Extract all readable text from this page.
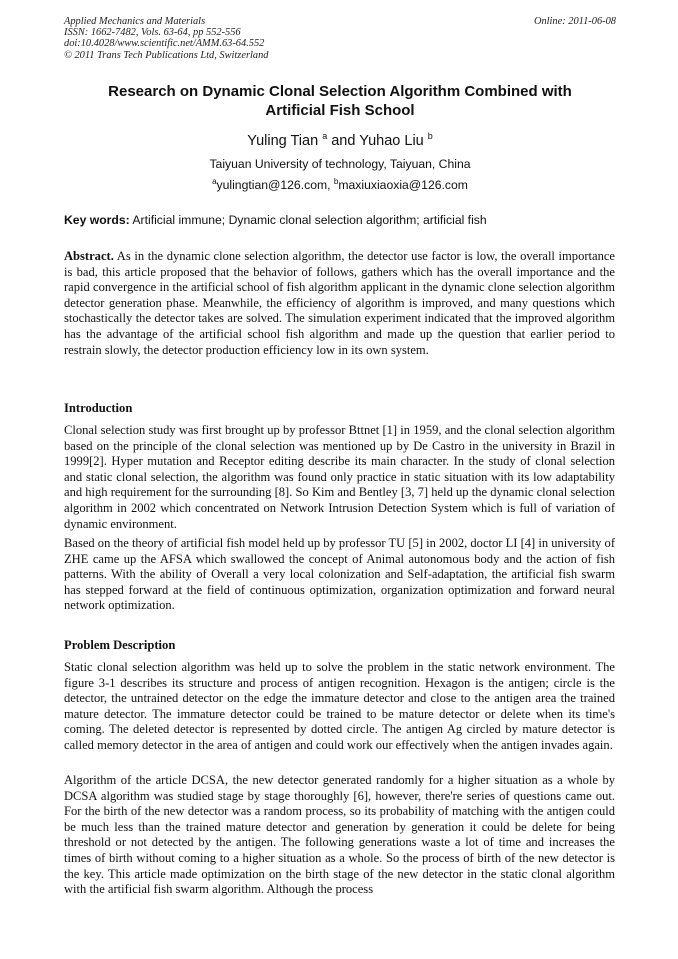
Applied Mechanics and Materials
ISSN: 1662-7482, Vols. 63-64, pp 552-556
doi:10.4028/www.scientific.net/AMM.63-64.552
© 2011 Trans Tech Publications Ltd, Switzerland
Online: 2011-06-08
Research on Dynamic Clonal Selection Algorithm Combined with
Artificial Fish School
Yuling Tian $^a$ and Yuhao Liu $^b$
Taiyuan University of technology, Taiyuan, China
$^a$yulingtian@126.com, $^b$maxiuxiaoxia@126.com
Key words: Artificial immune; Dynamic clonal selection algorithm; artificial fish
Abstract. As in the dynamic clone selection algorithm, the detector use factor is low, the overall importance is bad, this article proposed that the behavior of follows, gathers which has the overall importance and the rapid convergence in the artificial school of fish algorithm applicant in the dynamic clone selection algorithm detector generation phase. Meanwhile, the efficiency of algorithm is improved, and many questions which stochastically the detector takes are solved. The simulation experiment indicated that the improved algorithm has the advantage of the artificial school fish algorithm and made up the question that earlier period to restrain slowly, the detector production efficiency low in its own system.
Introduction
Clonal selection study was first brought up by professor Bttnet [1] in 1959, and the clonal selection algorithm based on the principle of the clonal selection was mentioned up by De Castro in the university in Brazil in 1999[2]. Hyper mutation and Receptor editing describe its main character. In the study of clonal selection and static clonal selection, the algorithm was found only practice in static situation with its low adaptability and high requirement for the surrounding [8]. So Kim and Bentley [3, 7] held up the dynamic clonal selection algorithm in 2002 which concentrated on Network Intrusion Detection System which is full of variation of dynamic environment.
Based on the theory of artificial fish model held up by professor TU [5] in 2002, doctor LI [4] in university of ZHE came up the AFSA which swallowed the concept of Animal autonomous body and the action of fish patterns. With the ability of Overall a very local colonization and Self-adaptation, the artificial fish swarm has stepped forward at the field of continuous optimization, organization optimization and forward neural network optimization.
Problem Description
Static clonal selection algorithm was held up to solve the problem in the static network environment. The figure 3-1 describes its structure and process of antigen recognition. Hexagon is the antigen; circle is the detector, the untrained detector on the edge the immature detector and close to the antigen area the trained mature detector. The immature detector could be trained to be mature detector or delete when its time's coming. The deleted detector is represented by dotted circle. The antigen Ag circled by mature detector is called memory detector in the area of antigen and could work our effectively when the antigen invades again.
Algorithm of the article DCSA, the new detector generated randomly for a higher situation as a whole by DCSA algorithm was studied stage by stage thoroughly [6], however, there're series of questions came out. For the birth of the new detector was a random process, so its probability of matching with the antigen could be much less than the trained mature detector and generation by generation it could be delete for being threshold or not detected by the antigen. The following generations waste a lot of time and increases the times of birth without coming to a higher situation as a whole. So the process of birth of the new detector is the key. This article made optimization on the birth stage of the new detector in the static clonal algorithm with the artificial fish swarm algorithm. Although the process
